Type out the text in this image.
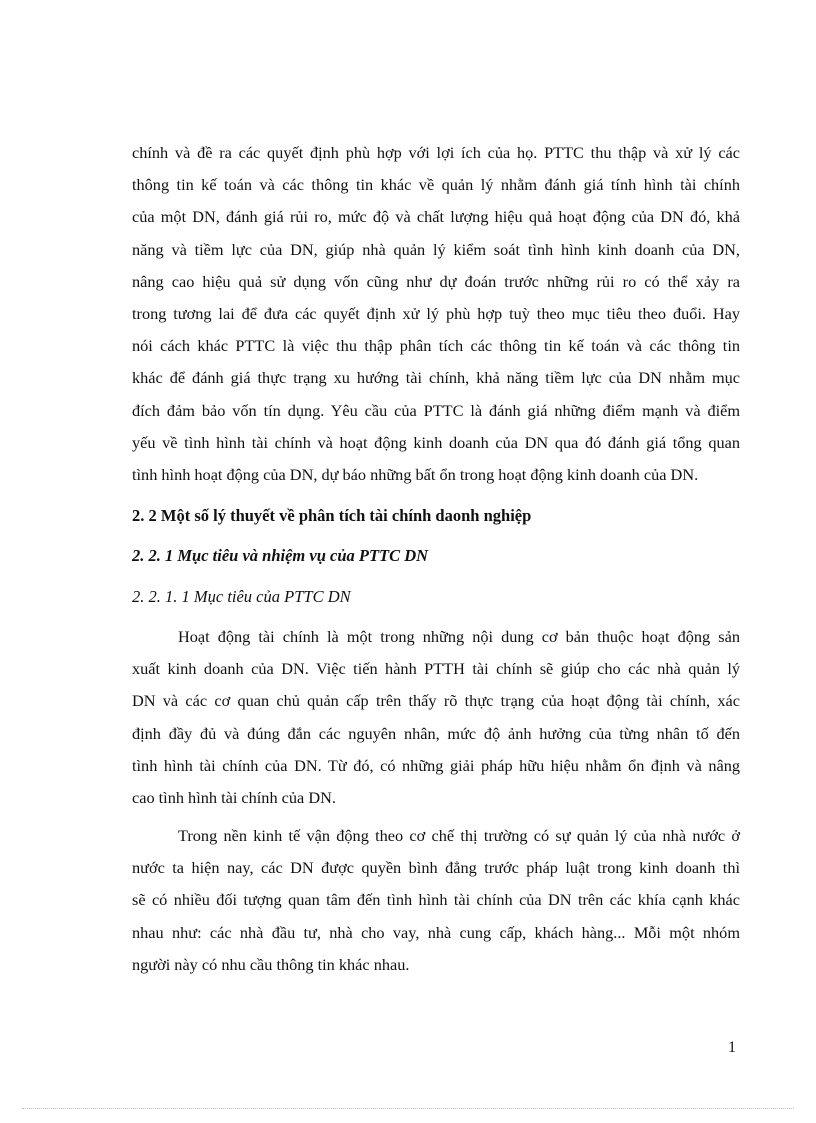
chính và đề ra các quyết định phù hợp với lợi ích của họ. PTTC thu thập và xử lý các
thông tin kế toán và các thông tin khác về quản lý nhằm đánh giá tính hình tài chính
của một DN, đánh giá rủi ro, mức độ và chất lượng hiệu quả hoạt động của DN đó, khả
năng và tiềm lực của DN, giúp nhà quản lý kiểm soát tình hình kinh doanh của DN,
nâng cao hiệu quả sử dụng vốn cũng như dự đoán trước những rủi ro có thể xảy ra
trong tương lai để đưa các quyết định xử lý phù hợp tuỳ theo mục tiêu theo đuổi. Hay
nói cách khác PTTC là việc thu thập phân tích các thông tin kế toán và các thông tin
khác để đánh giá thực trạng xu hướng tài chính, khả năng tiềm lực của DN nhằm mục
đích đảm bảo vốn tín dụng. Yêu cầu của PTTC là đánh giá những điểm mạnh và điểm
yếu về tình hình tài chính và hoạt động kinh doanh của DN qua đó đánh giá tổng quan
tình hình hoạt động của DN, dự báo những bất ổn trong hoạt động kinh doanh của DN.
2. 2 Một số lý thuyết về phân tích tài chính daonh nghiệp
2. 2. 1 Mục tiêu và nhiệm vụ của PTTC DN
2. 2. 1. 1 Mục tiêu của PTTC DN
Hoạt động tài chính là một trong những nội dung cơ bản thuộc hoạt động sản
xuất kinh doanh của DN. Việc tiến hành PTTH tài chính sẽ giúp cho các nhà quản lý
DN và các cơ quan chủ quản cấp trên thấy rõ thực trạng của hoạt động tài chính, xác
định đầy đủ và đúng đắn các nguyên nhân, mức độ ảnh hưởng của từng nhân tố đến
tình hình tài chính của DN. Từ đó, có những giải pháp hữu hiệu nhằm ổn định và nâng
cao tình hình tài chính của DN.
Trong nền kinh tế vận động theo cơ chế thị trường có sự quản lý của nhà nước ở
nước ta hiện nay, các DN được quyền bình đẳng trước pháp luật trong kinh doanh thì
sẽ có nhiều đối tượng quan tâm đến tình hình tài chính của DN trên các khía cạnh khác
nhau như: các nhà đầu tư, nhà cho vay, nhà cung cấp, khách hàng... Mỗi một nhóm
người này có nhu cầu thông tin khác nhau.
1
